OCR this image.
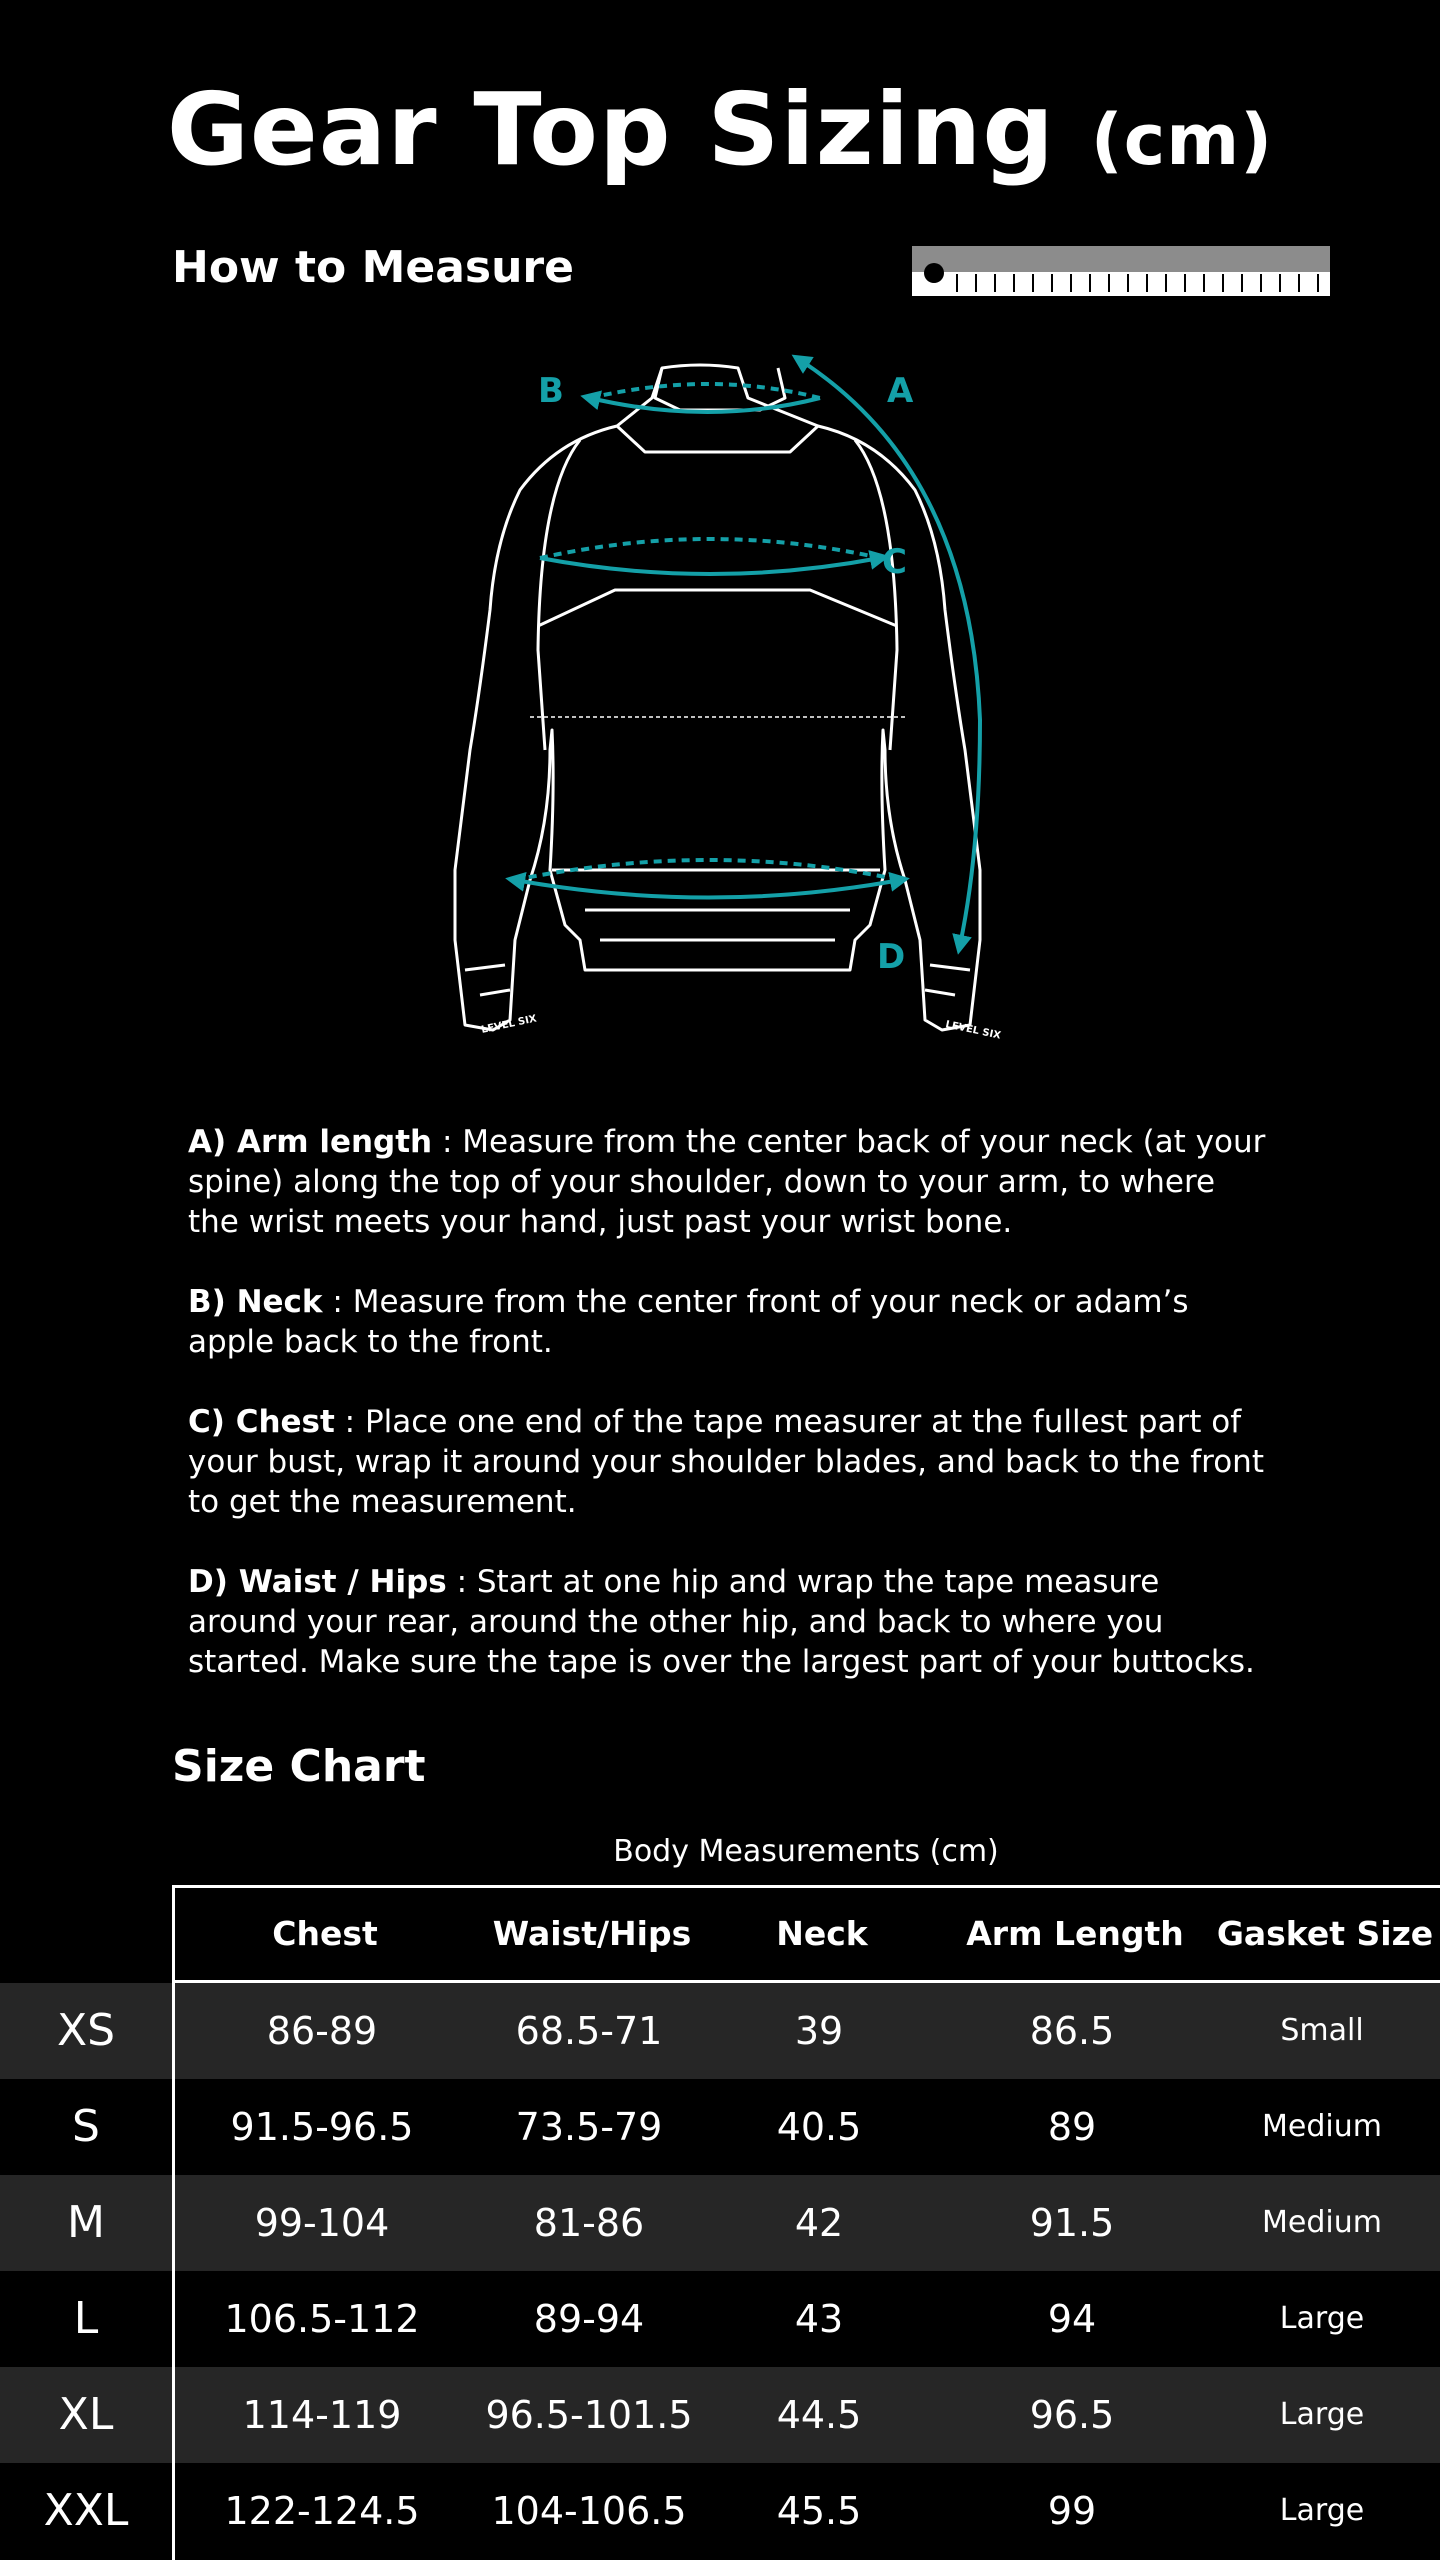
Gear Top Sizing (cm)
How to Measure
A
B
C
D
LEVEL SIX	LEVEL SIX

A) Arm length : Measure from the center back of your neck (at your spine) along the top of your shoulder, down to your arm, to where the wrist meets your hand, just past your wrist bone.

B) Neck : Measure from the center front of your neck or adam’s apple back to the front.

C) Chest : Place one end of the tape measurer at the fullest part of your bust, wrap it around your shoulder blades, and back to the front to get the measurement.

D) Waist / Hips : Start at one hip and wrap the tape measure around your rear, around the other hip, and back to where you started. Make sure the tape is over the largest part of your buttocks.

Size Chart
Body Measurements (cm)
Chest	Waist/Hips	Neck	Arm Length	Gasket Size
XS	86-89	68.5-71	39	86.5	Small
S	91.5-96.5	73.5-79	40.5	89	Medium
M	99-104	81-86	42	91.5	Medium
L	106.5-112	89-94	43	94	Large
XL	114-119	96.5-101.5	44.5	96.5	Large
XXL	122-124.5	104-106.5	45.5	99	Large
